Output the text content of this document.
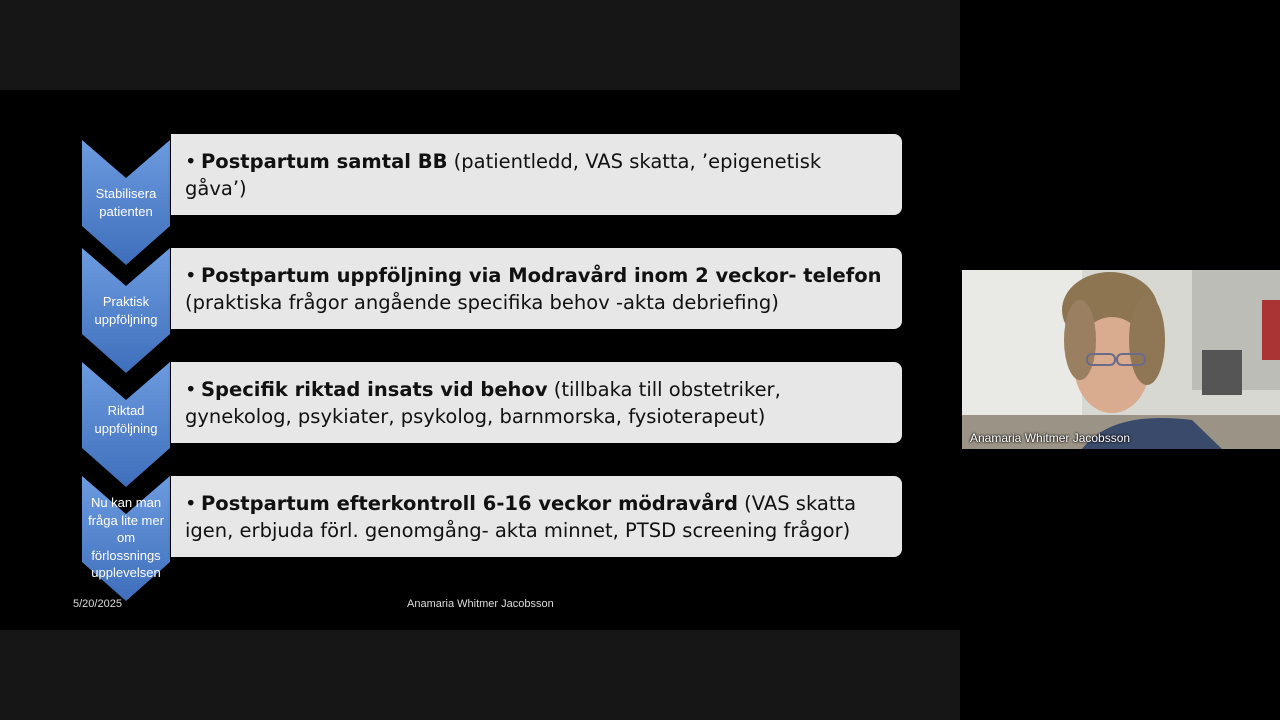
Stabilisera patienten
Praktisk uppföljning
Riktad uppföljning
Nu kan man fråga lite mer om förlossnings upplevelsen
• Postpartum samtal BB (patientledd, VAS skatta, ’epigenetisk gåva’)
• Postpartum uppföljning via Modravård inom 2 veckor- telefon (praktiska frågor angående specifika behov -akta debriefing)
• Specifik riktad insats vid behov (tillbaka till obstetriker, gynekolog, psykiater, psykolog, barnmorska, fysioterapeut)
• Postpartum efterkontroll 6-16 veckor mödravård (VAS skatta igen, erbjuda förl. genomgång- akta minnet, PTSD screening frågor)
5/20/2025	Anamaria Whitmer Jacobsson
Anamaria Whitmer Jacobsson
